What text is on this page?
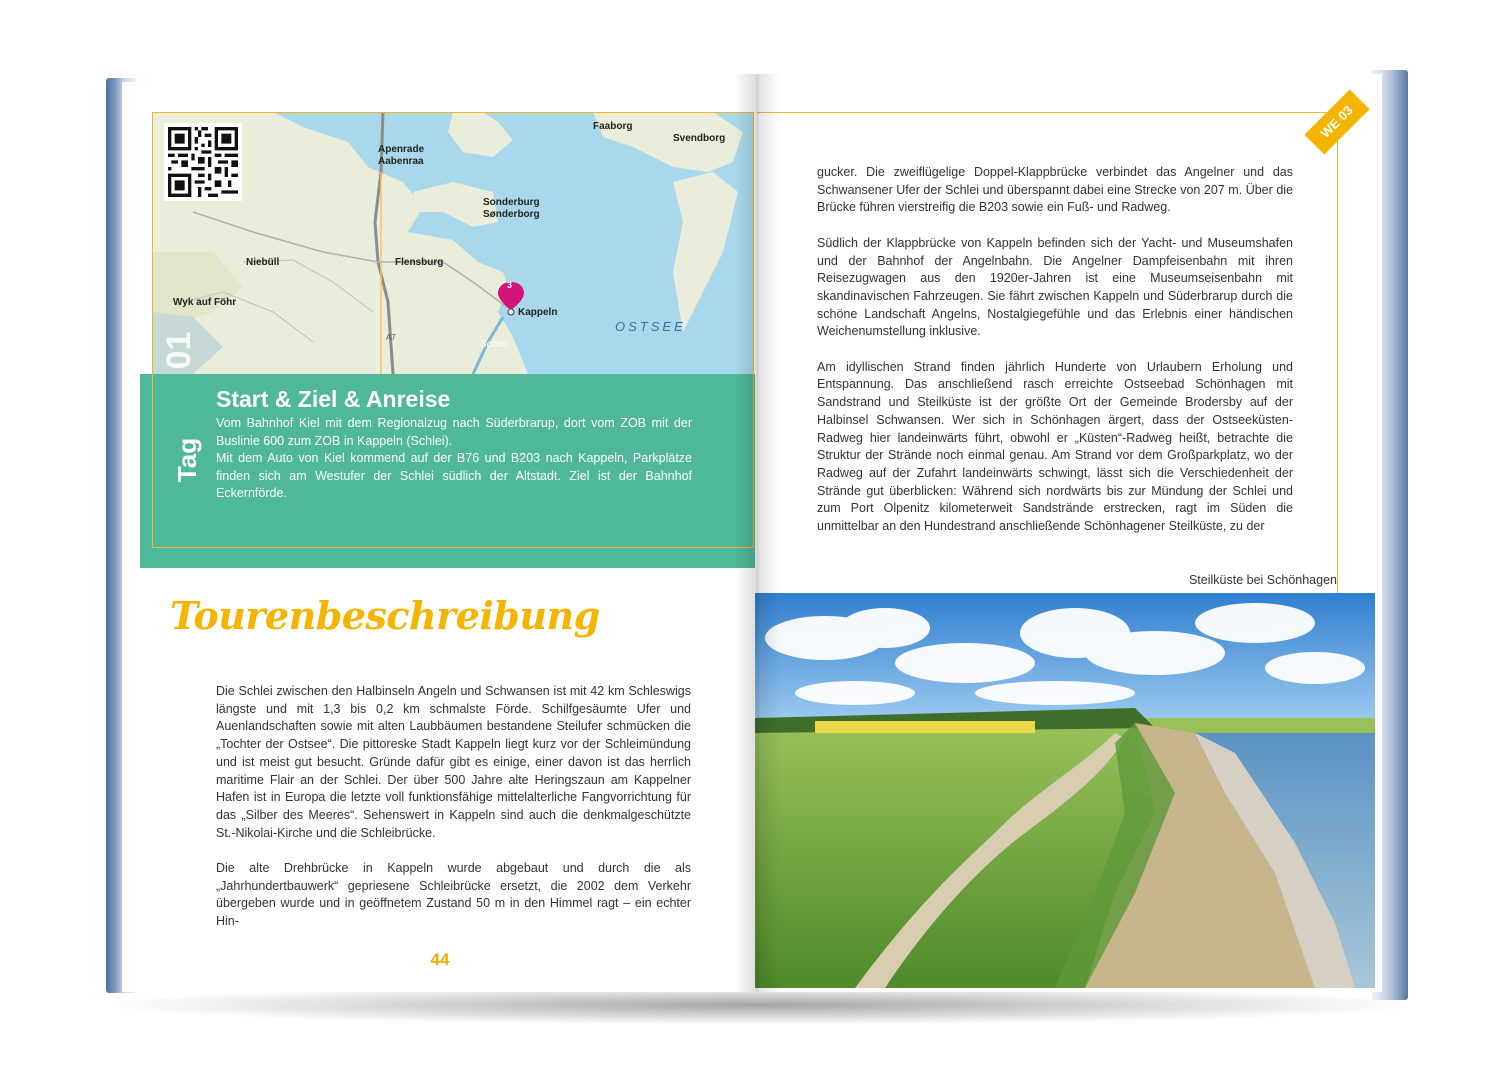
Faaborg
Svendborg
Apenrade
Aabenraa
Sonderburg
Sønderborg
Niebüll	Flensburg
Wyk auf Föhr
Kappeln
Schlei
A7
3
OSTSEE
01
Tag
Start & Ziel & Anreise

Vom Bahnhof Kiel mit dem Regionalzug nach Süderbrarup, dort vom ZOB mit der Buslinie 600 zum ZOB in Kappeln (Schlei).

Mit dem Auto von Kiel kommend auf der B76 und B203 nach Kappeln, Parkplätze finden sich am Westufer der Schlei südlich der Altstadt. Ziel ist der Bahnhof Eckernförde.

Tourenbeschreibung

Die Schlei zwischen den Halbinseln Angeln und Schwansen ist mit 42 km Schleswigs längste und mit 1,3 bis 0,2 km schmalste Förde. Schilfgesäumte Ufer und Auenlandschaften sowie mit alten Laubbäumen bestandene Steilufer schmücken die „Tochter der Ostsee“. Die pittoreske Stadt Kappeln liegt kurz vor der Schleimündung und ist meist gut besucht. Gründe dafür gibt es einige, einer davon ist das herrlich maritime Flair an der Schlei. Der über 500 Jahre alte Heringszaun am Kappelner Hafen ist in Europa die letzte voll funktionsfähige mittelalterliche Fangvorrichtung für das „Silber des Meeres“. Sehenswert in Kappeln sind auch die denkmalgeschützte St.-Nikolai-Kirche und die Schleibrücke.

Die alte Drehbrücke in Kappeln wurde abgebaut und durch die als „Jahrhundertbauwerk“ gepriesene Schleibrücke ersetzt, die 2002 dem Verkehr übergeben wurde und in geöffnetem Zustand 50 m in den Himmel ragt – ein echter Hin-

44
WE 03

gucker. Die zweiflügelige Doppel-Klappbrücke verbindet das Angelner und das Schwansener Ufer der Schlei und überspannt dabei eine Strecke von 207 m. Über die Brücke führen vierstreifig die B203 sowie ein Fuß- und Radweg.

Südlich der Klappbrücke von Kappeln befinden sich der Yacht- und Museumshafen und der Bahnhof der Angelnbahn. Die Angelner Dampfeisenbahn mit ihren Reisezugwagen aus den 1920er-Jahren ist eine Museumseisenbahn mit skandinavischen Fahrzeugen. Sie fährt zwischen Kappeln und Süderbrarup durch die schöne Landschaft Angelns, Nostalgiegefühle und das Erlebnis einer händischen Weichenumstellung inklusive.

Am idyllischen Strand finden jährlich Hunderte von Urlaubern Erholung und Entspannung. Das anschließend rasch erreichte Ostseebad Schönhagen mit Sandstrand und Steilküste ist der größte Ort der Gemeinde Brodersby auf der Halbinsel Schwansen. Wer sich in Schönhagen ärgert, dass der Ostseeküsten-Radweg hier landeinwärts führt, obwohl er „Küsten“-Radweg heißt, betrachte die Struktur der Strände noch einmal genau. Am Strand vor dem Großparkplatz, wo der Radweg auf der Zufahrt landeinwärts schwingt, lässt sich die Verschiedenheit der Strände gut überblicken: Während sich nordwärts bis zur Mündung der Schlei und zum Port Olpenitz kilometerweit Sandstrände erstrecken, ragt im Süden die unmittelbar an den Hundestrand anschließende Schönhagener Steilküste, zu der

Steilküste bei Schönhagen
